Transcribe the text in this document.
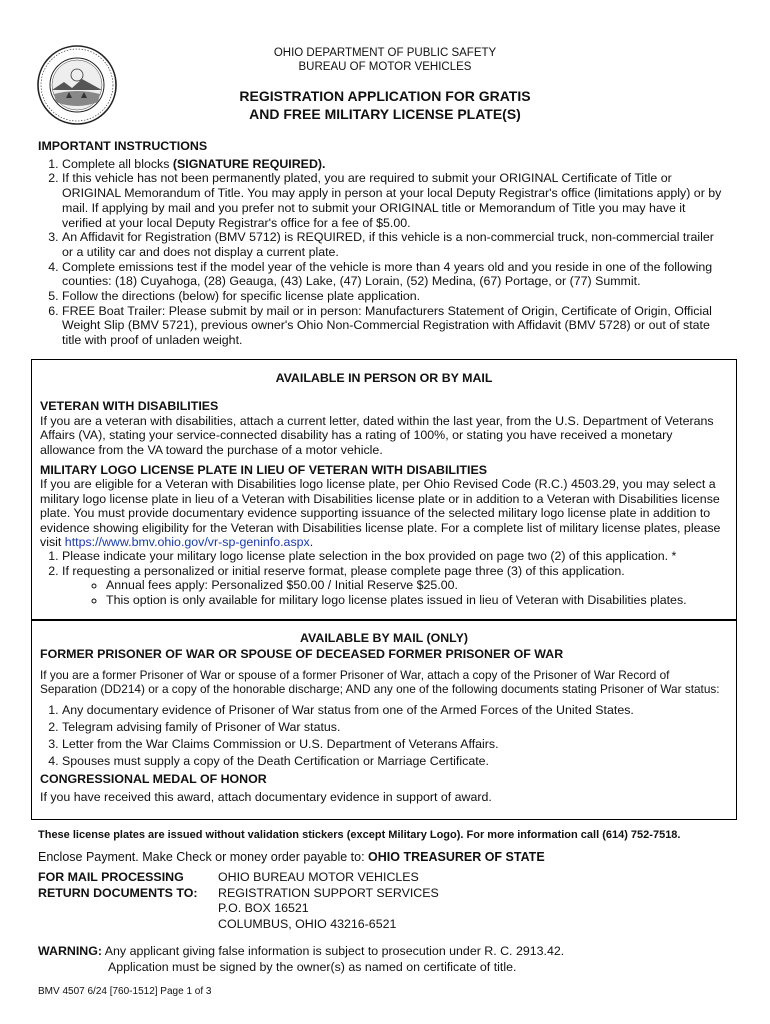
OHIO DEPARTMENT OF PUBLIC SAFETY
BUREAU OF MOTOR VEHICLES
REGISTRATION APPLICATION FOR GRATIS
AND FREE MILITARY LICENSE PLATE(S)
IMPORTANT INSTRUCTIONS
1. Complete all blocks (SIGNATURE REQUIRED).
2. If this vehicle has not been permanently plated, you are required to submit your ORIGINAL Certificate of Title or ORIGINAL Memorandum of Title. You may apply in person at your local Deputy Registrar's office (limitations apply) or by mail. If applying by mail and you prefer not to submit your ORIGINAL title or Memorandum of Title you may have it verified at your local Deputy Registrar's office for a fee of $5.00.
3. An Affidavit for Registration (BMV 5712) is REQUIRED, if this vehicle is a non-commercial truck, non-commercial trailer or a utility car and does not display a current plate.
4. Complete emissions test if the model year of the vehicle is more than 4 years old and you reside in one of the following counties: (18) Cuyahoga, (28) Geauga, (43) Lake, (47) Lorain, (52) Medina, (67) Portage, or (77) Summit.
5. Follow the directions (below) for specific license plate application.
6. FREE Boat Trailer: Please submit by mail or in person: Manufacturers Statement of Origin, Certificate of Origin, Official Weight Slip (BMV 5721), previous owner's Ohio Non-Commercial Registration with Affidavit (BMV 5728) or out of state title with proof of unladen weight.
AVAILABLE IN PERSON OR BY MAIL
VETERAN WITH DISABILITIES
If you are a veteran with disabilities, attach a current letter, dated within the last year, from the U.S. Department of Veterans Affairs (VA), stating your service-connected disability has a rating of 100%, or stating you have received a monetary allowance from the VA toward the purchase of a motor vehicle.
MILITARY LOGO LICENSE PLATE IN LIEU OF VETERAN WITH DISABILITIES
If you are eligible for a Veteran with Disabilities logo license plate, per Ohio Revised Code (R.C.) 4503.29, you may select a military logo license plate in lieu of a Veteran with Disabilities license plate or in addition to a Veteran with Disabilities license plate. You must provide documentary evidence supporting issuance of the selected military logo license plate in addition to evidence showing eligibility for the Veteran with Disabilities license plate. For a complete list of military license plates, please visit https://www.bmv.ohio.gov/vr-sp-geninfo.aspx.
1. Please indicate your military logo license plate selection in the box provided on page two (2) of this application. *
2. If requesting a personalized or initial reserve format, please complete page three (3) of this application.
◦ Annual fees apply: Personalized $50.00 / Initial Reserve $25.00.
◦ This option is only available for military logo license plates issued in lieu of Veteran with Disabilities plates.
AVAILABLE BY MAIL (ONLY)
FORMER PRISONER OF WAR OR SPOUSE OF DECEASED FORMER PRISONER OF WAR
If you are a former Prisoner of War or spouse of a former Prisoner of War, attach a copy of the Prisoner of War Record of Separation (DD214) or a copy of the honorable discharge; AND any one of the following documents stating Prisoner of War status:
1. Any documentary evidence of Prisoner of War status from one of the Armed Forces of the United States.
2. Telegram advising family of Prisoner of War status.
3. Letter from the War Claims Commission or U.S. Department of Veterans Affairs.
4. Spouses must supply a copy of the Death Certification or Marriage Certificate.
CONGRESSIONAL MEDAL OF HONOR
If you have received this award, attach documentary evidence in support of award.
These license plates are issued without validation stickers (except Military Logo). For more information call (614) 752-7518.
Enclose Payment. Make Check or money order payable to: OHIO TREASURER OF STATE
FOR MAIL PROCESSING
RETURN DOCUMENTS TO:
OHIO BUREAU MOTOR VEHICLES
REGISTRATION SUPPORT SERVICES
P.O. BOX 16521
COLUMBUS, OHIO 43216-6521
WARNING: Any applicant giving false information is subject to prosecution under R. C. 2913.42.
Application must be signed by the owner(s) as named on certificate of title.
BMV 4507 6/24 [760-1512] Page 1 of 3
